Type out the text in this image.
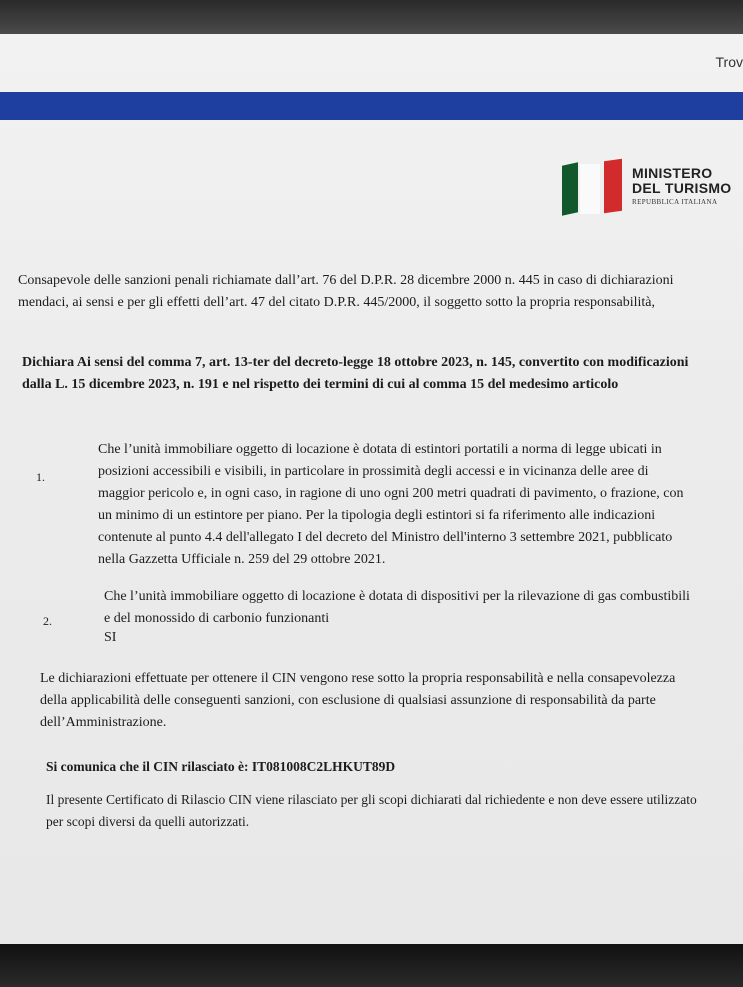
Trov
MINISTERO
DEL TURISMO
REPUBBLICA ITALIANA
Consapevole delle sanzioni penali richiamate dall’art. 76 del D.P.R. 28 dicembre 2000 n. 445 in caso di dichiarazioni mendaci, ai sensi e per gli effetti dell’art. 47 del citato D.P.R. 445/2000, il soggetto sotto la propria responsabilità,
Dichiara Ai sensi del comma 7, art. 13-ter del decreto-legge 18 ottobre 2023, n. 145, convertito con modificazioni dalla L. 15 dicembre 2023, n. 191 e nel rispetto dei termini di cui al comma 15 del medesimo articolo
1.
Che l’unità immobiliare oggetto di locazione è dotata di estintori portatili a norma di legge ubicati in posizioni accessibili e visibili, in particolare in prossimità degli accessi e in vicinanza delle aree di maggior pericolo e, in ogni caso, in ragione di uno ogni 200 metri quadrati di pavimento, o frazione, con un minimo di un estintore per piano. Per la tipologia degli estintori si fa riferimento alle indicazioni contenute al punto 4.4 dell'allegato I del decreto del Ministro dell'interno 3 settembre 2021, pubblicato nella Gazzetta Ufficiale n. 259 del 29 ottobre 2021.
2.
Che l’unità immobiliare oggetto di locazione è dotata di dispositivi per la rilevazione di gas combustibili e del monossido di carbonio funzionanti
SI
Le dichiarazioni effettuate per ottenere il CIN vengono rese sotto la propria responsabilità e nella consapevolezza della applicabilità delle conseguenti sanzioni, con esclusione di qualsiasi assunzione di responsabilità da parte dell’Amministrazione.
Si comunica che il CIN rilasciato è: IT081008C2LHKUT89D
Il presente Certificato di Rilascio CIN viene rilasciato per gli scopi dichiarati dal richiedente e non deve essere utilizzato per scopi diversi da quelli autorizzati.
